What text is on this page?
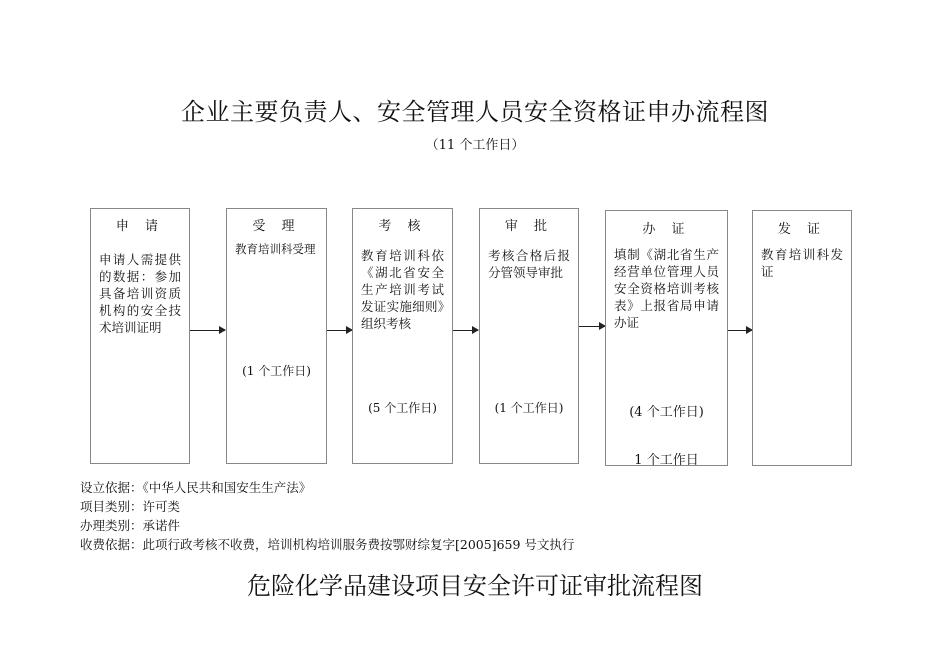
企业主要负责人、安全管理人员安全资格证申办流程图
（11 个工作日）
申 请
申请人需提供的数据：参加具备培训资质机构的安全技术培训证明
受 理
教育培训科受理
(1 个工作日)
考 核
教育培训科依《湖北省安全生产培训考试发证实施细则》组织考核
(5 个工作日)
审 批
考核合格后报分管领导审批
(1 个工作日)
办 证
填制《湖北省生产经营单位管理人员安全资格培训考核表》上报省局申请办证
(4 个工作日)
1 个工作日
发 证
教育培训科发证
设立依据：《中华人民共和国安生生产法》
项目类别：许可类
办理类别：承诺件
收费依据：此项行政考核不收费，培训机构培训服务费按鄂财综复字[2005]659 号文执行
危险化学品建设项目安全许可证审批流程图
